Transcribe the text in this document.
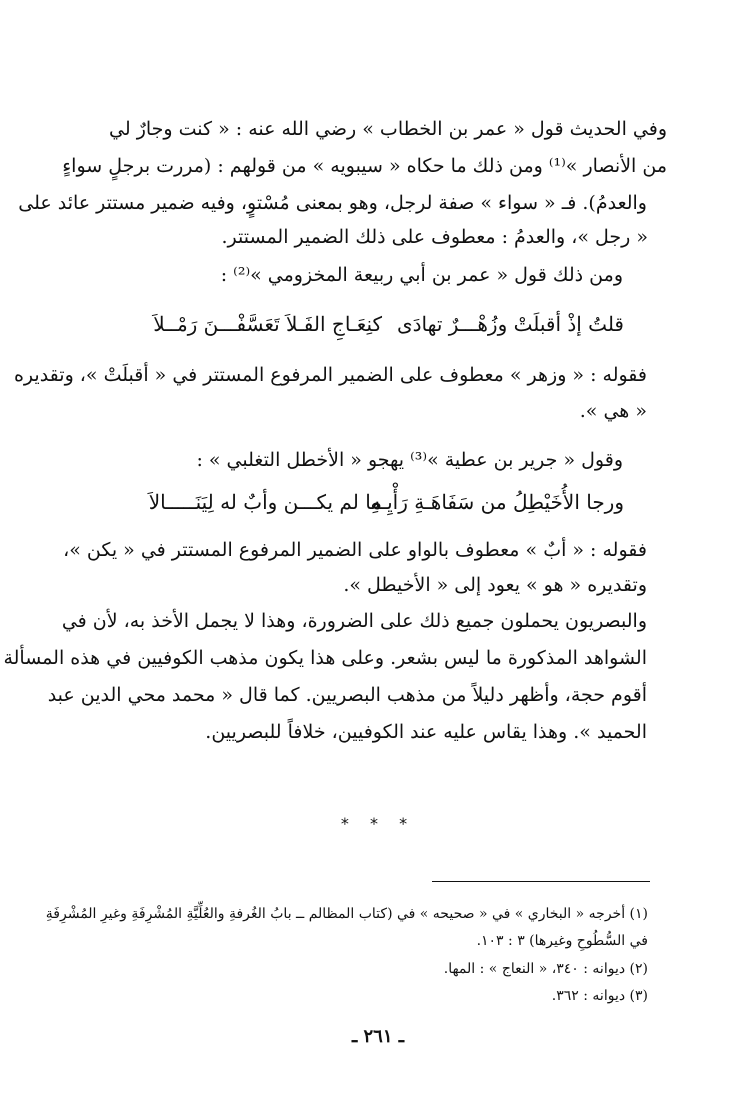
وفي الحديث قول « عمر بن الخطاب » رضي الله عنه : « كنت وجارٌ لي
من الأنصار »⁽¹⁾ ومن ذلك ما حكاه « سيبويه » من قولهم : (مررت برجلٍ سواءٍ
والعدمُ). فـ « سواء » صفة لرجل، وهو بمعنى مُسْتوٍ، وفيه ضمير مستتر عائد على
« رجل »، والعدمُ : معطوف على ذلك الضمير المستتر.
ومن ذلك قول « عمر بن أبي ربيعة المخزومي »⁽²⁾ :
قلتُ إذْ أقبلَتْ وزُهْـــرٌ تهادَى
كنِعَـاجِ الفَـلاَ تَعَسَّفْـــنَ رَمْــلاَ
فقوله : « وزهر » معطوف على الضمير المرفوع المستتر في « أقبلَتْ »، وتقديره
« هي ».
وقول « جرير بن عطية »⁽³⁾ يهجو « الأخطل التغلبي » :
ورجا الأُخَيْطِلُ من سَفَاهَـةِ رَأْيِـهِ
ما لم يكـــن وأبٌ له لِيَنَـــــالاَ
فقوله : « أبٌ » معطوف بالواو على الضمير المرفوع المستتر في « يكن »،
وتقديره « هو » يعود إلى « الأخيطل ».
والبصريون يحملون جميع ذلك على الضرورة، وهذا لا يجمل الأخذ به، لأن في
الشواهد المذكورة ما ليس بشعر. وعلى هذا يكون مذهب الكوفيين في هذه المسألة
أقوم حجة، وأظهر دليلاً من مذهب البصريين. كما قال « محمد محي الدين عبد
الحميد ». وهذا يقاس عليه عند الكوفيين، خلافاً للبصريين.
* * *
(١) أخرجه « البخاري » في « صحيحه » في (كتاب المظالم ــ بابُ الغُرفةِ والعُلِّيَّةِ المُشْرِفَةِ وغيرِ المُشْرِفَةِ
في السُّطُوحِ وغيرها) ٣ : ١٠٣.
(٢) ديوانه : ٣٤٠، « النعاج » : المها.
(٣) ديوانه : ٣٦٢.
ـ ٢٦١ ـ
